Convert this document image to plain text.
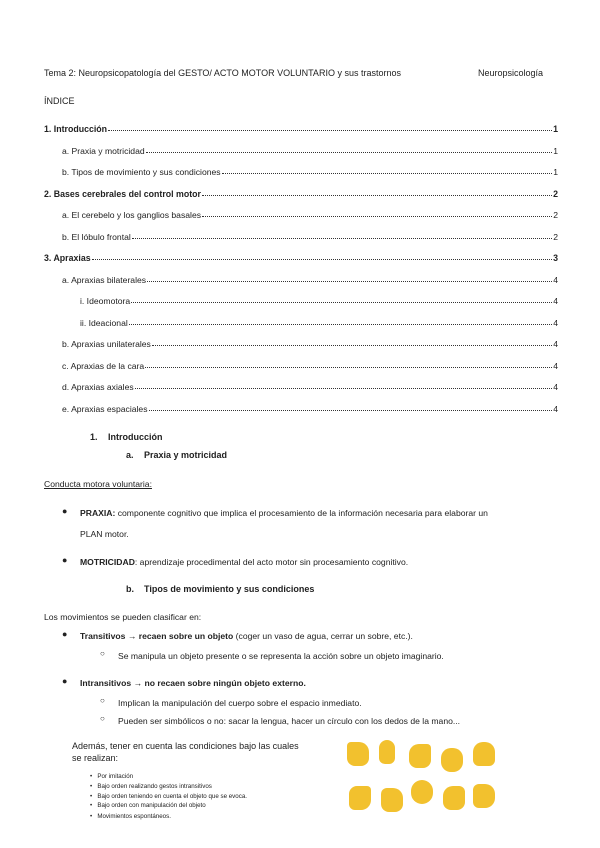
Tema 2: Neuropsicopatología del GESTO/ ACTO MOTOR VOLUNTARIO y sus trastornos	Neuropsicología
ÍNDICE
1. Introducción	1
a. Praxia y motricidad	1
b. Tipos de movimiento y sus condiciones	1
2. Bases cerebrales del control motor	2
a. El cerebelo y los ganglios basales	2
b. El lóbulo frontal	2
3. Apraxias	3
a. Apraxias bilaterales	4
i. Ideomotora	4
ii. Ideacional	4
b. Apraxias unilaterales	4
c. Apraxias de la cara	4
d. Apraxias axiales	4
e. Apraxias espaciales	4
1. Introducción
a. Praxia y motricidad
Conducta motora voluntaria:
● PRAXIA: componente cognitivo que implica el procesamiento de la información necesaria para elaborar un
PLAN motor.
● MOTRICIDAD: aprendizaje procedimental del acto motor sin procesamiento cognitivo.
b. Tipos de movimiento y sus condiciones
Los movimientos se pueden clasificar en:
● Transitivos → recaen sobre un objeto (coger un vaso de agua, cerrar un sobre, etc.).
○ Se manipula un objeto presente o se representa la acción sobre un objeto imaginario.
● Intransitivos → no recaen sobre ningún objeto externo.
○ Implican la manipulación del cuerpo sobre el espacio inmediato.
○ Pueden ser simbólicos o no: sacar la lengua, hacer un círculo con los dedos de la mano...
Además, tener en cuenta las condiciones bajo las cuales
se realizan:
•   Por imitación
•   Bajo orden realizando gestos intransitivos
•   Bajo orden teniendo en cuenta el objeto que se evoca.
•   Bajo orden con manipulación del objeto
•   Movimientos espontáneos.
